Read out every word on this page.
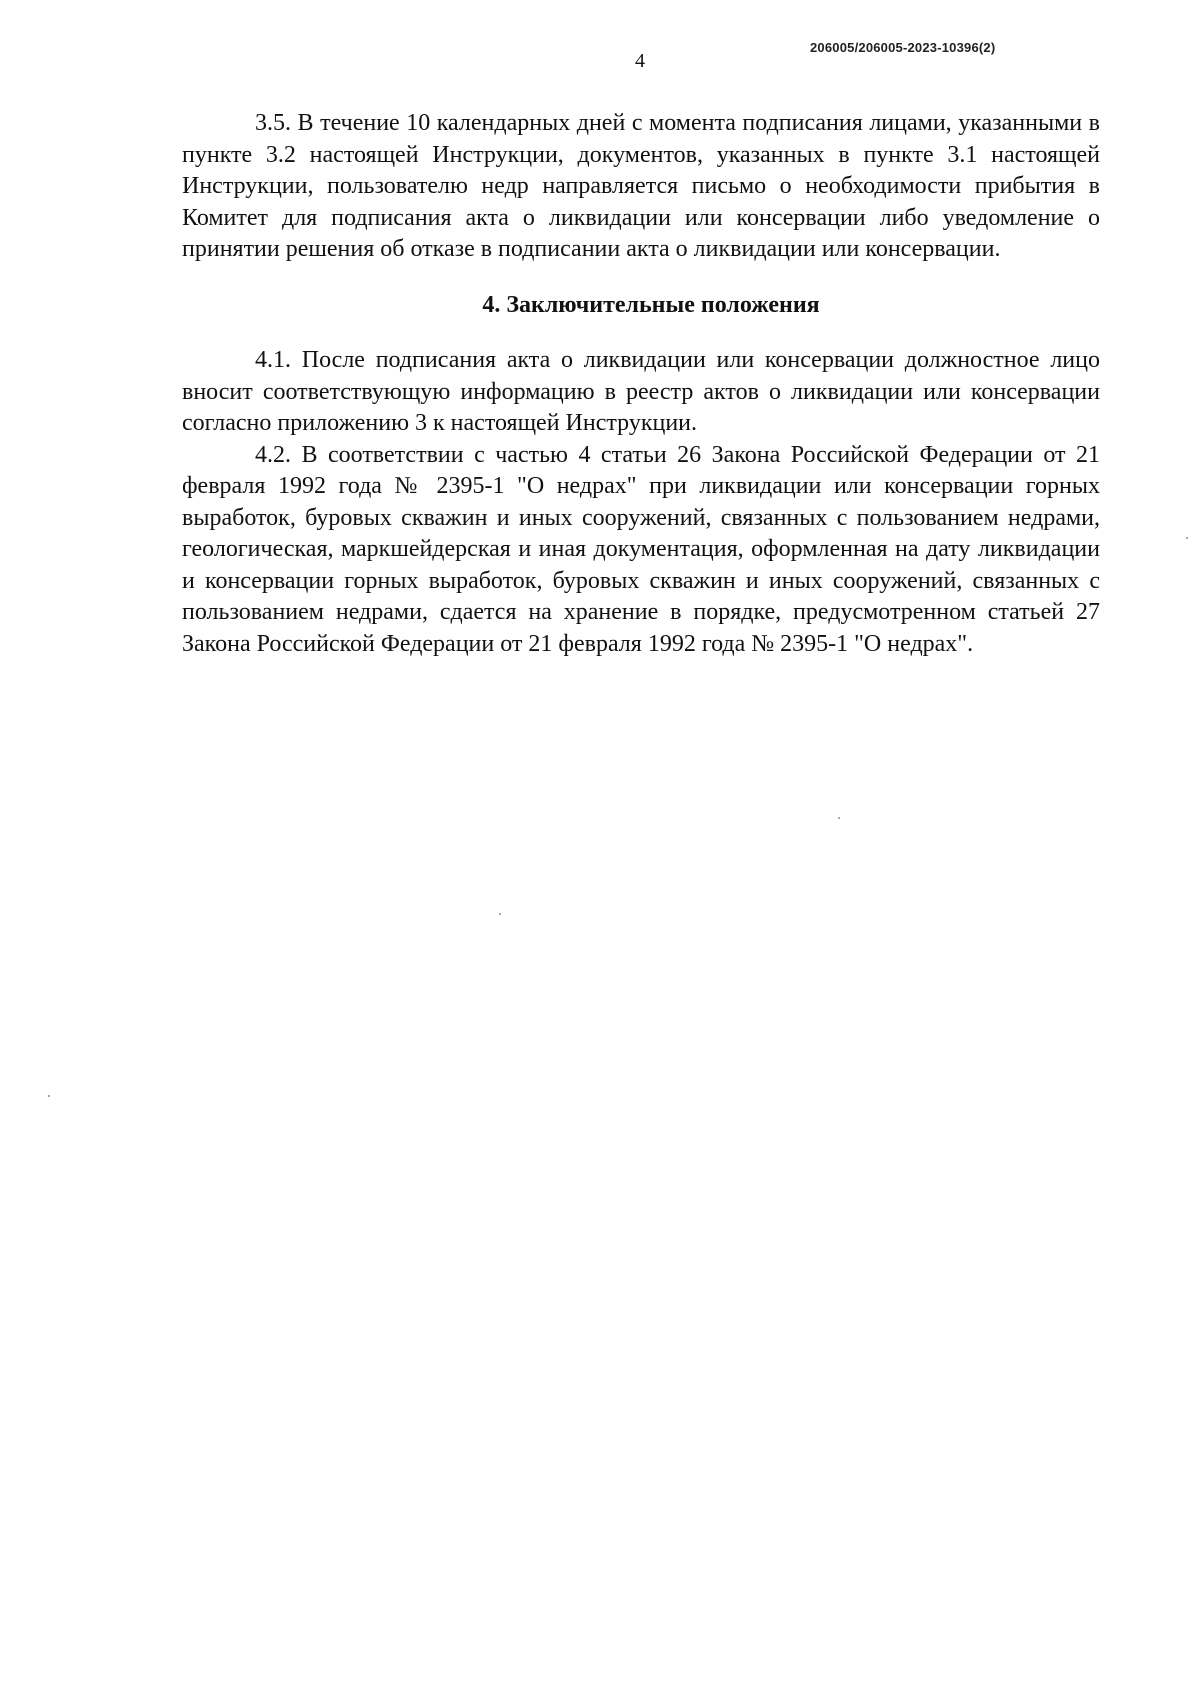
206005/206005-2023-10396(2)
4

3.5. В течение 10 календарных дней с момента подписания лицами, указанными в пункте 3.2 настоящей Инструкции, документов, указанных в пункте 3.1 настоящей Инструкции, пользователю недр направляется письмо о необходимости прибытия в Комитет для подписания акта о ликвидации или консервации либо уведомление о принятии решения об отказе в подписании акта о ликвидации или консервации.

4. Заключительные положения

4.1. После подписания акта о ликвидации или консервации должностное лицо вносит соответствующую информацию в реестр актов о ликвидации или консервации согласно приложению 3 к настоящей Инструкции.

4.2. В соответствии с частью 4 статьи 26 Закона Российской Федерации от 21 февраля 1992 года № 2395-1 "О недрах" при ликвидации или консервации горных выработок, буровых скважин и иных сооружений, связанных с пользованием недрами, геологическая, маркшейдерская и иная документация, оформленная на дату ликвидации и консервации горных выработок, буровых скважин и иных сооружений, связанных с пользованием недрами, сдается на хранение в порядке, предусмотренном статьей 27 Закона Российской Федерации от 21 февраля 1992 года № 2395-1 "О недрах".
